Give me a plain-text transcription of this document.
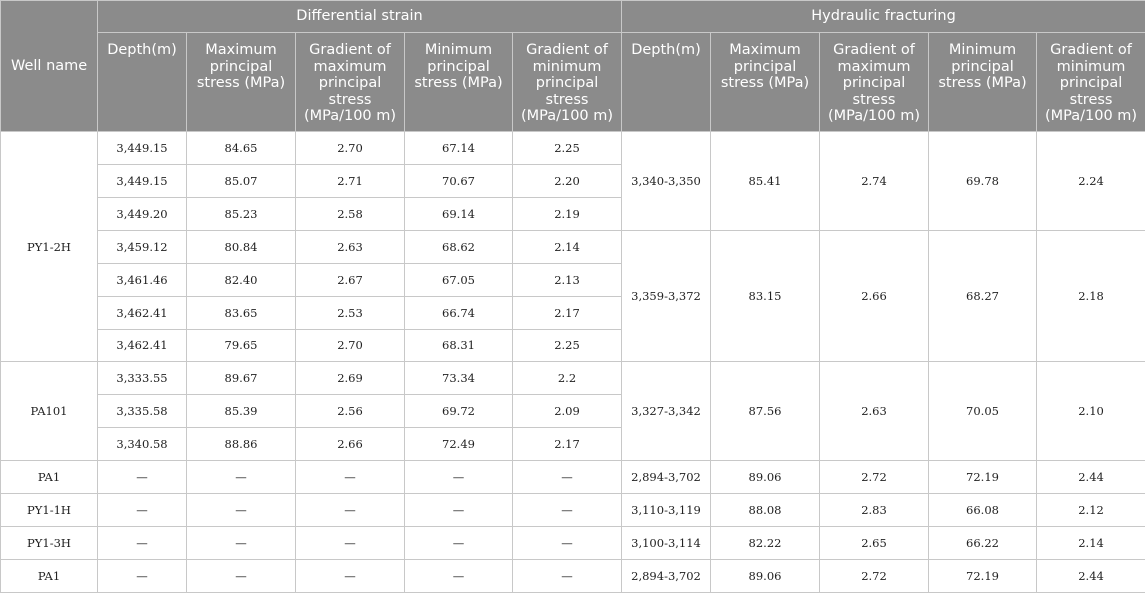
Well name	Differential strain					Hydraulic fracturing				
	Depth(m)	Maximum principal stress (MPa)	Gradient of maximum principal stress (MPa/100 m)	Minimum principal stress (MPa)	Gradient of minimum principal stress (MPa/100 m)	Depth(m)	Maximum principal stress (MPa)	Gradient of maximum principal stress (MPa/100 m)	Minimum principal stress (MPa)	Gradient of minimum principal stress (MPa/100 m)
PY1-2H	3,449.15	84.65	2.70	67.14	2.25	3,340-3,350	85.41	2.74	69.78	2.24
	3,449.15	85.07	2.71	70.67	2.20					
	3,449.20	85.23	2.58	69.14	2.19					
	3,459.12	80.84	2.63	68.62	2.14	3,359-3,372	83.15	2.66	68.27	2.18
	3,461.46	82.40	2.67	67.05	2.13					
	3,462.41	83.65	2.53	66.74	2.17					
	3,462.41	79.65	2.70	68.31	2.25					
PA101	3,333.55	89.67	2.69	73.34	2.2	3,327-3,342	87.56	2.63	70.05	2.10
	3,335.58	85.39	2.56	69.72	2.09					
	3,340.58	88.86	2.66	72.49	2.17					
PA1	—	—	—	—	—	2,894-3,702	89.06	2.72	72.19	2.44
PY1-1H	—	—	—	—	—	3,110-3,119	88.08	2.83	66.08	2.12
PY1-3H	—	—	—	—	—	3,100-3,114	82.22	2.65	66.22	2.14
PA1	—	—	—	—	—	2,894-3,702	89.06	2.72	72.19	2.44
